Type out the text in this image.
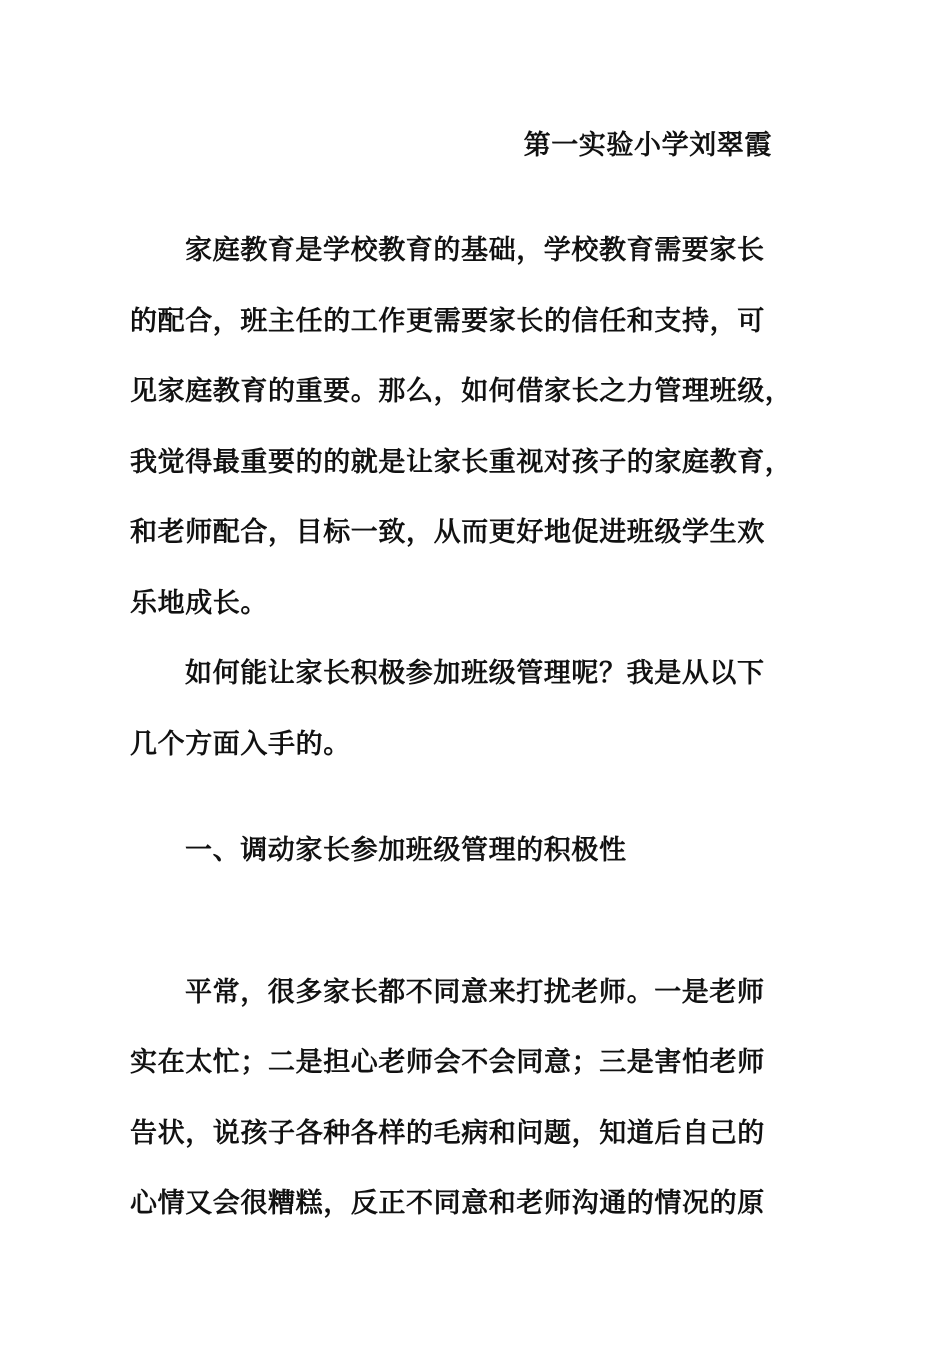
第一实验小学刘翠霞
家庭教育是学校教育的基础，学校教育需要家长
的配合，班主任的工作更需要家长的信任和支持，可
见家庭教育的重要。那么，如何借家长之力管理班级，
我觉得最重要的的就是让家长重视对孩子的家庭教育，
和老师配合，目标一致，从而更好地促进班级学生欢
乐地成长。
如何能让家长积极参加班级管理呢？我是从以下
几个方面入手的。
一、调动家长参加班级管理的积极性
平常，很多家长都不同意来打扰老师。一是老师
实在太忙；二是担心老师会不会同意；三是害怕老师
告状，说孩子各种各样的毛病和问题，知道后自己的
心情又会很糟糕，反正不同意和老师沟通的情况的原
